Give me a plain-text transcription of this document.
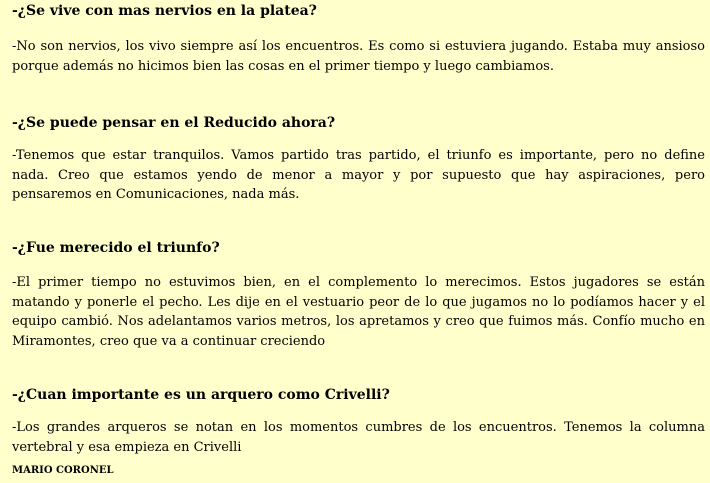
-¿Se vive con mas nervios en la platea?

-No son nervios, los vivo siempre así los encuentros. Es como si estuviera jugando. Estaba muy ansioso porque además no hicimos bien las cosas en el primer tiempo y luego cambiamos.

-¿Se puede pensar en el Reducido ahora?

-Tenemos que estar tranquilos. Vamos partido tras partido, el triunfo es importante, pero no define nada. Creo que estamos yendo de menor a mayor y por supuesto que hay aspiraciones, pero pensaremos en Comunicaciones, nada más.

-¿Fue merecido el triunfo?

-El primer tiempo no estuvimos bien, en el complemento lo merecimos. Estos jugadores se están matando y ponerle el pecho. Les dije en el vestuario peor de lo que jugamos no lo podíamos hacer y el equipo cambió. Nos adelantamos varios metros, los apretamos y creo que fuimos más. Confío mucho en Miramontes, creo que va a continuar creciendo

-¿Cuan importante es un arquero como Crivelli?

-Los grandes arqueros se notan en los momentos cumbres de los encuentros. Tenemos la columna vertebral y esa empieza en Crivelli

MARIO CORONEL
